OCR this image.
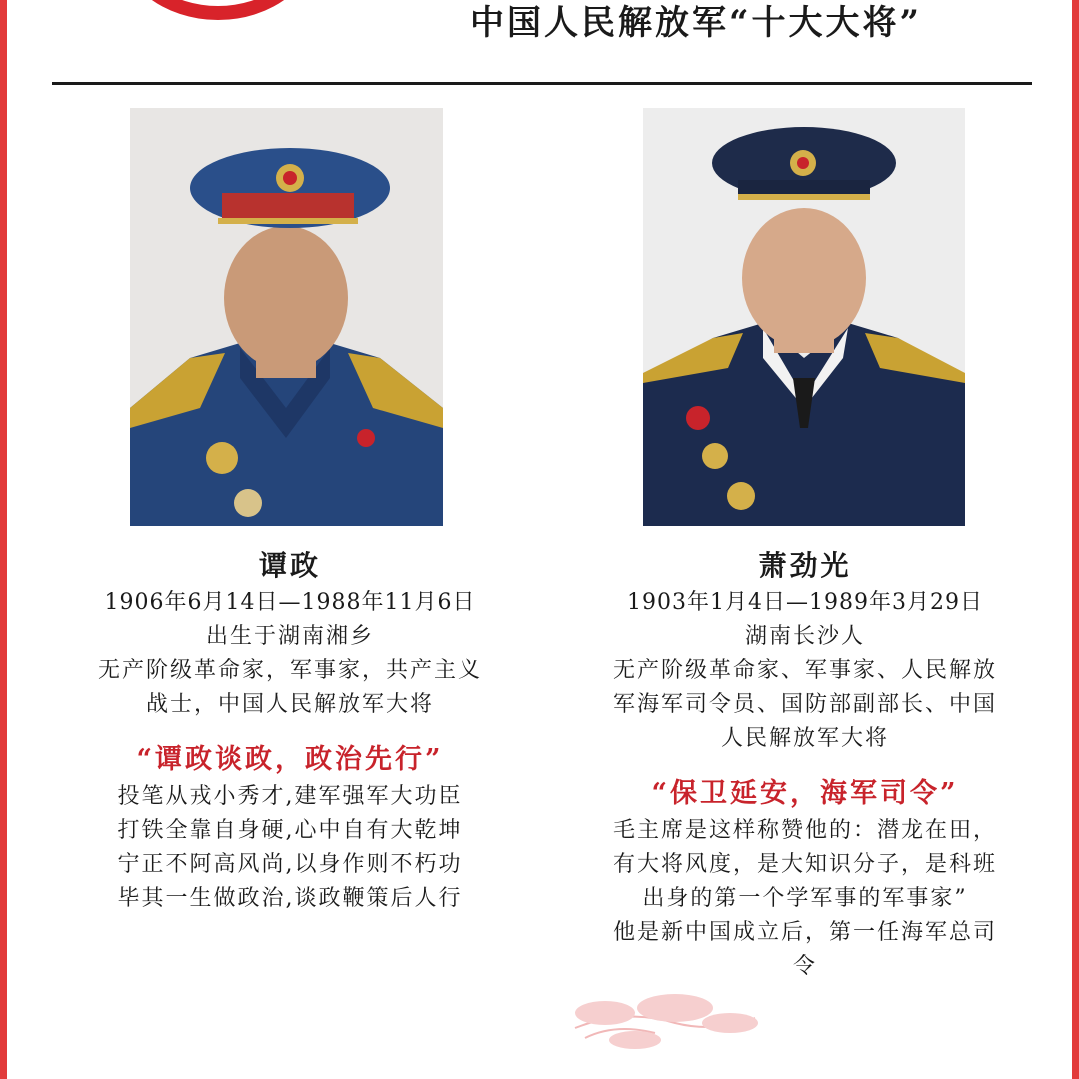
中国人民解放军“十大大将”
谭政
1906年6月14日—1988年11月6日
出生于湖南湘乡
无产阶级革命家，军事家，共产主义
战士，中国人民解放军大将
“谭政谈政，政治先行”
投笔从戎小秀才,建军强军大功臣
打铁全靠自身硬,心中自有大乾坤
宁正不阿高风尚,以身作则不朽功
毕其一生做政治,谈政鞭策后人行
萧劲光
1903年1月4日—1989年3月29日
湖南长沙人
无产阶级革命家、军事家、人民解放
军海军司令员、国防部副部长、中国
人民解放军大将
“保卫延安，海军司令”
毛主席是这样称赞他的：潜龙在田，
有大将风度，是大知识分子，是科班
出身的第一个学军事的军事家”
他是新中国成立后，第一任海军总司
令
